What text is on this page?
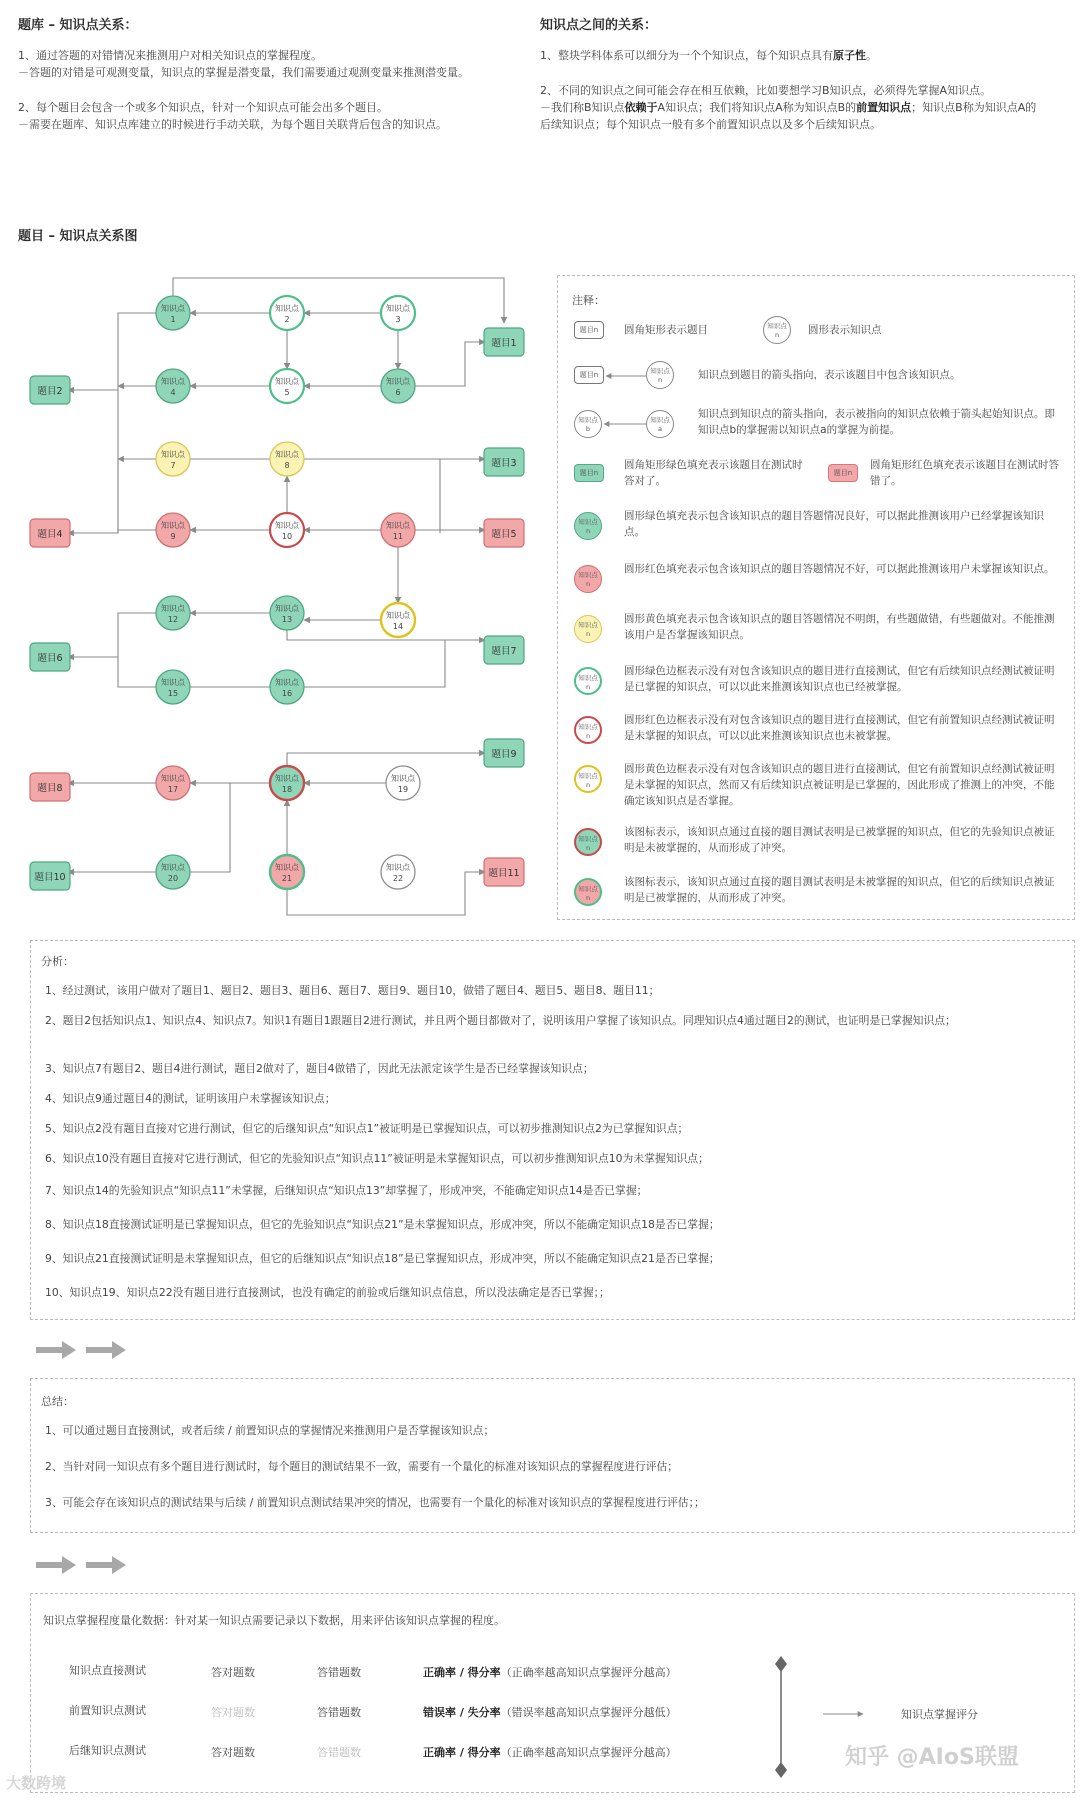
题库 – 知识点关系：
1、通过答题的对错情况来推测用户对相关知识点的掌握程度。
－答题的对错是可观测变量，知识点的掌握是潜变量，我们需要通过观测变量来推测潜变量。
2、每个题目会包含一个或多个知识点，针对一个知识点可能会出多个题目。
－需要在题库、知识点库建立的时候进行手动关联，为每个题目关联背后包含的知识点。
知识点之间的关系：
1、整块学科体系可以细分为一个个知识点，每个知识点具有原子性。
2、不同的知识点之间可能会存在相互依赖，比如要想学习B知识点，必须得先掌握A知识点。
－我们称B知识点依赖于A知识点；我们将知识点A称为知识点B的前置知识点；知识点B称为知识点A的
后续知识点；每个知识点一般有多个前置知识点以及多个后续知识点。
题目 – 知识点关系图
知识点
1
知识点
2
知识点
3
知识点
4
知识点
5
知识点
6
知识点
7
知识点
8
知识点
9
知识点
10
知识点
11
知识点
12
知识点
13	知识点
14
知识点
15
知识点
16
知识点
17
知识点
18
知识点
19
知识点
20
知识点
21
知识点
22
题目1
题目2
题目3
题目4	题目5
题目6
题目7
题目8
题目9
题目10	题目11
注释：
题目n	圆角矩形表示题目	知识点
n	圆形表示知识点
题目n	知识点
n	知识点到题目的箭头指向，表示该题目中包含该知识点。
知识点
b
知识点
a
知识点到知识点的箭头指向，表示被指向的知识点依赖于箭头起始知识点。即知识点b的掌握需以知识点a的掌握为前提。
题目n
圆角矩形绿色填充表示该题目在测试时答对了。
题目n
圆角矩形红色填充表示该题目在测试时答错了。
知识点
n
圆形绿色填充表示包含该知识点的题目答题情况良好，可以据此推测该用户已经掌握该知识点。
知识点
n
圆形红色填充表示包含该知识点的题目答题情况不好，可以据此推测该用户未掌握该知识点。
知识点
n
圆形黄色填充表示包含该知识点的题目答题情况不明朗，有些题做错，有些题做对。不能推测该用户是否掌握该知识点。
知识点
n
圆形绿色边框表示没有对包含该知识点的题目进行直接测试，但它有后续知识点经测试被证明是已掌握的知识点，可以以此来推测该知识点也已经被掌握。
知识点
n
圆形红色边框表示没有对包含该知识点的题目进行直接测试，但它有前置知识点经测试被证明是未掌握的知识点，可以以此来推测该知识点也未被掌握。
知识点
n
圆形黄色边框表示没有对包含该知识点的题目进行直接测试，但它有前置知识点经测试被证明是未掌握的知识点，然而又有后续知识点被证明是已掌握的，因此形成了推测上的冲突，不能确定该知识点是否掌握。
知识点
n
该图标表示，该知识点通过直接的题目测试表明是已被掌握的知识点，但它的先验知识点被证明是未被掌握的，从而形成了冲突。
知识点
n
该图标表示，该知识点通过直接的题目测试表明是未被掌握的知识点，但它的后续知识点被证明是已被掌握的，从而形成了冲突。
分析：
1、经过测试，该用户做对了题目1、题目2、题目3、题目6、题目7、题目9、题目10，做错了题目4、题目5、题目8、题目11；
2、题目2包括知识点1、知识点4、知识点7。知识1有题目1跟题目2进行测试，并且两个题目都做对了，说明该用户掌握了该知识点。同理知识点4通过题目2的测试，也证明是已掌握知识点；
3、知识点7有题目2、题目4进行测试，题目2做对了，题目4做错了，因此无法派定该学生是否已经掌握该知识点；
4、知识点9通过题目4的测试，证明该用户未掌握该知识点；
5、知识点2没有题目直接对它进行测试，但它的后继知识点“知识点1”被证明是已掌握知识点，可以初步推测知识点2为已掌握知识点；
6、知识点10没有题目直接对它进行测试，但它的先验知识点“知识点11”被证明是未掌握知识点，可以初步推测知识点10为未掌握知识点；
7、知识点14的先验知识点“知识点11”未掌握，后继知识点“知识点13”却掌握了，形成冲突，不能确定知识点14是否已掌握；
8、知识点18直接测试证明是已掌握知识点，但它的先验知识点“知识点21”是未掌握知识点，形成冲突，所以不能确定知识点18是否已掌握；
9、知识点21直接测试证明是未掌握知识点，但它的后继知识点“知识点18”是已掌握知识点，形成冲突，所以不能确定知识点21是否已掌握；
10、知识点19、知识点22没有题目进行直接测试，也没有确定的前验或后继知识点信息，所以没法确定是否已掌握；；
总结：
1、可以通过题目直接测试，或者后续 / 前置知识点的掌握情况来推测用户是否掌握该知识点；
2、当针对同一知识点有多个题目进行测试时，每个题目的测试结果不一致，需要有一个量化的标准对该知识点的掌握程度进行评估；
3、可能会存在该知识点的测试结果与后续 / 前置知识点测试结果冲突的情况，也需要有一个量化的标准对该知识点的掌握程度进行评估；；
知识点掌握程度量化数据：针对某一知识点需要记录以下数据，用来评估该知识点掌握的程度。
知识点直接测试	答对题数	答错题数	正确率 / 得分率（正确率越高知识点掌握评分越高）
前置知识点测试	答对题数	答错题数	错误率 / 失分率（错误率越高知识点掌握评分越低）
后继知识点测试	答对题数	答错题数	正确率 / 得分率（正确率越高知识点掌握评分越高）
知识点掌握评分
大数跨境
知乎 @AIoS联盟
